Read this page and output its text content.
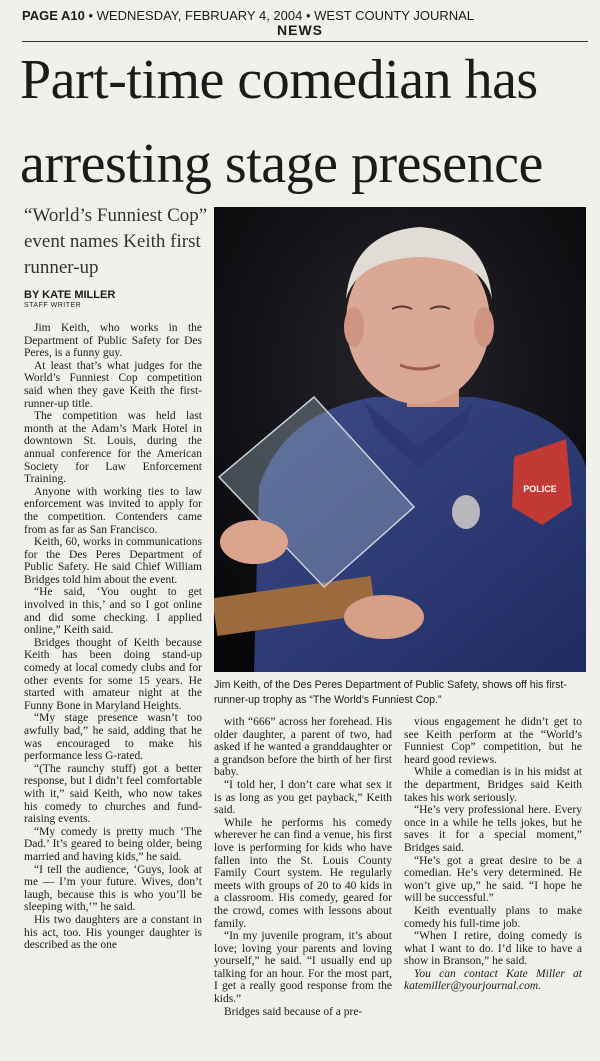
PAGE A10 • WEDNESDAY, FEBRUARY 4, 2004 • WEST COUNTY JOURNAL
NEWS
Part-time comedian has
arresting stage presence
“World’s Funniest Cop” event names Keith first runner-up
BY KATE MILLER
STAFF WRITER

Jim Keith, who works in the Department of Public Safety for Des Peres, is a funny guy.

At least that’s what judges for the World’s Funniest Cop competition said when they gave Keith the first-runner-up title.

The competition was held last month at the Adam’s Mark Hotel in downtown St. Louis, during the annual conference for the American Society for Law Enforcement Training.

Anyone with working ties to law enforcement was invited to apply for the competition. Contenders came from as far as San Francisco.

Keith, 60, works in communications for the Des Peres Department of Public Safety. He said Chief William Bridges told him about the event.

“He said, ‘You ought to get involved in this,’ and so I got online and did some checking. I applied online,” Keith said.

Bridges thought of Keith because Keith has been doing stand-up comedy at local comedy clubs and for other events for some 15 years. He started with amateur night at the Funny Bone in Maryland Heights.

“My stage presence wasn’t too awfully bad,” he said, adding that he was encouraged to make his performance less G-rated.

“(The raunchy stuff) got a better response, but I didn’t feel comfortable with it,” said Keith, who now takes his comedy to churches and fund-raising events.

“My comedy is pretty much ‘The Dad.’ It’s geared to being older, being married and having kids,” he said.

“I tell the audience, ‘Guys, look at me — I’m your future. Wives, don’t laugh, because this is who you’ll be sleeping with,’” he said.

His two daughters are a constant in his act, too. His younger daughter is described as the one

POLICE
Jim Keith, of the Des Peres Department of Public Safety, shows off his first-runner-up trophy as “The World’s Funniest Cop.”

with “666” across her forehead. His older daughter, a parent of two, had asked if he wanted a granddaughter or a grandson before the birth of her first baby.

“I told her, I don’t care what sex it is as long as you get payback,” Keith said.

While he performs his comedy wherever he can find a venue, his first love is performing for kids who have fallen into the St. Louis County Family Court system. He regularly meets with groups of 20 to 40 kids in a classroom. His comedy, geared for the crowd, comes with lessons about family.

“In my juvenile program, it’s about love; loving your parents and loving yourself,” he said. “I usually end up talking for an hour. For the most part, I get a really good response from the kids.”

Bridges said because of a pre-

vious engagement he didn’t get to see Keith perform at the “World’s Funniest Cop” competition, but he heard good reviews.

While a comedian is in his midst at the department, Bridges said Keith takes his work seriously.

“He’s very professional here. Every once in a while he tells jokes, but he saves it for a special moment,” Bridges said.

“He’s got a great desire to be a comedian. He’s very determined. He won’t give up,” he said. “I hope he will be successful.”

Keith eventually plans to make comedy his full-time job.

“When I retire, doing comedy is what I want to do. I’d like to have a show in Branson,” he said.

You can contact Kate Miller at katemiller@yourjournal.com.
